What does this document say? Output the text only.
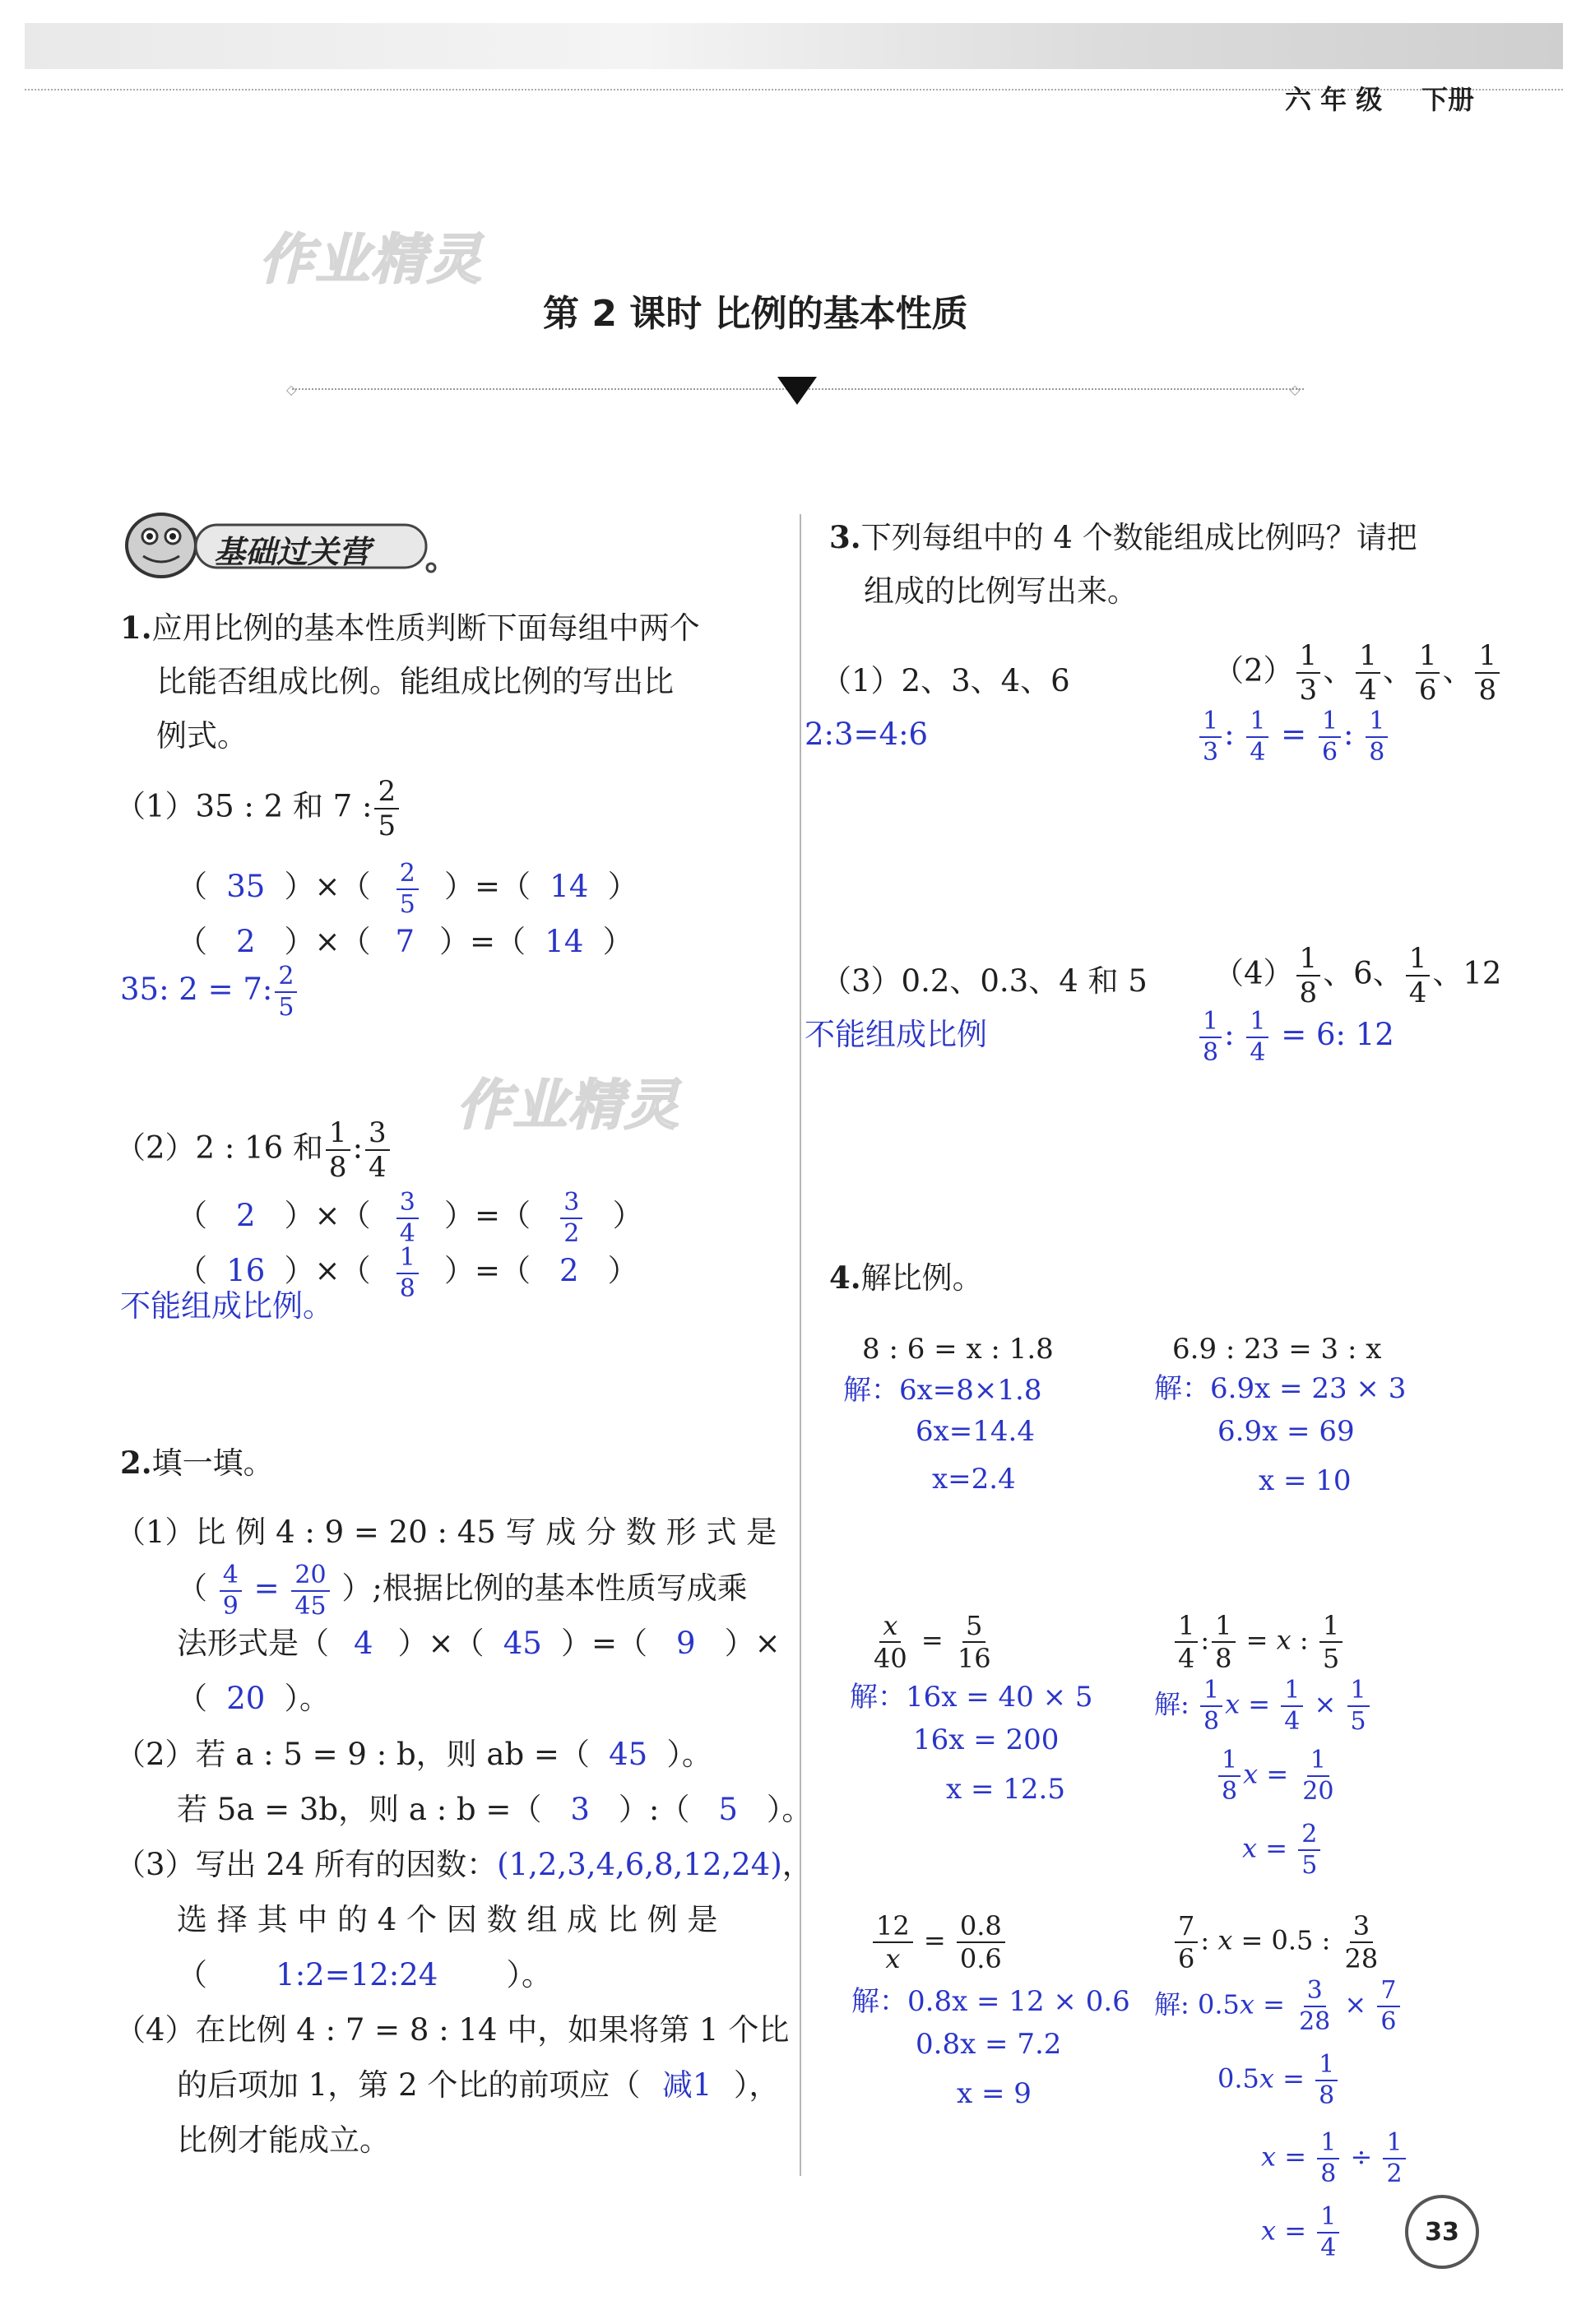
六 年 级 下册
作业精灵
作业精灵
第 2 课时 比例的基本性质
◇	◇
基础过关营
1.应用比例的基本性质判断下面每组中两个
比能否组成比例。能组成比例的写出比
例式。
（1）35 : 2 和 7 : $\frac{2}{5}$
（ 35 ）×（ $\frac{2}{5}$ ）=（ 14 ）
（ 2 ）×（ 7 ）=（ 14 ）
35: 2 = 7: $\frac{2}{5}$
（2）2 : 16 和 $\frac{1}{8}$ : $\frac{3}{4}$
（ 2 ）×（ $\frac{3}{4}$ ）=（ $\frac{3}{2}$ ）
（ 16 ）×（ $\frac{1}{8}$ ）=（ 2 ）
不能组成比例。
2.填一填。
（1）比 例 4 : 9 = 20 : 45 写 成 分 数 形 式 是
（ $\frac{4}{9} = \frac{20}{45}$ ）;根据比例的基本性质写成乘
法形式是（ 4 ）×（ 45 ）=（ 9 ）×
（ 20 ）。
（2）若 a : 5 = 9 : b，则 ab =（ 45 ）。
若 5a = 3b，则 a : b =（ 3 ）:（ 5 ）。
（3）写出 24 所有的因数：(1,2,3,4,6,8,12,24)，
选 择 其 中 的 4 个 因 数 组 成 比 例 是
（ 1:2=12:24 ）。
（4）在比例 4 : 7 = 8 : 14 中，如果将第 1 个比
的后项加 1，第 2 个比的前项应（ 减1 ），
比例才能成立。
3.下列每组中的 4 个数能组成比例吗？请把
组成的比例写出来。
（1）2、3、4、6
2:3=4:6
$(2) \frac{1}{3}$ 、 $\frac{1}{4}$ 、 $\frac{1}{6}$ 、 $\frac{1}{8}$
$\frac{1}{3}$ : $\frac{1}{4} = \frac{1}{6}$ : $\frac{1}{8}$
（3）0.2、0.3、4 和 5
不能组成比例
$(4) \frac{1}{8}$ 、6、 $\frac{1}{4}$ 、12
$\frac{1}{8}$ : $\frac{1}{4} = 6$: 12
4.解比例。
8 : 6 = x : 1.8
解：6x=8×1.8
6x=14.4
x=2.4
6.9 : 23 = 3 : x
解：6.9x = 23 × 3
6.9x = 69
x = 10
$\frac{x}{40} = \frac{5}{16}$
解：16x = 40 × 5
16x = 200
x = 12.5
$\frac{1}{4}$ : $\frac{1}{8} = x$ : $\frac{1}{5}$
解: $\frac{1}{8}$ $x = \frac{1}{4} \times \frac{1}{5}$
$\frac{1}{8}$ $x = \frac{1}{20}$
$x = \frac{2}{5}$
$\frac{12}{x} = \frac{0.8}{0.6}$
解：0.8x = 12 × 0.6
0.8x = 7.2
x = 9
$\frac{7}{6}$ : x = 0.5 : $\frac{3}{28}$
解: $0.5x = \frac{3}{28} \times \frac{7}{6}$
$0.5x = \frac{1}{8}$
$x = \frac{1}{8} \div \frac{1}{2}$
$x = \frac{1}{4}$	33
